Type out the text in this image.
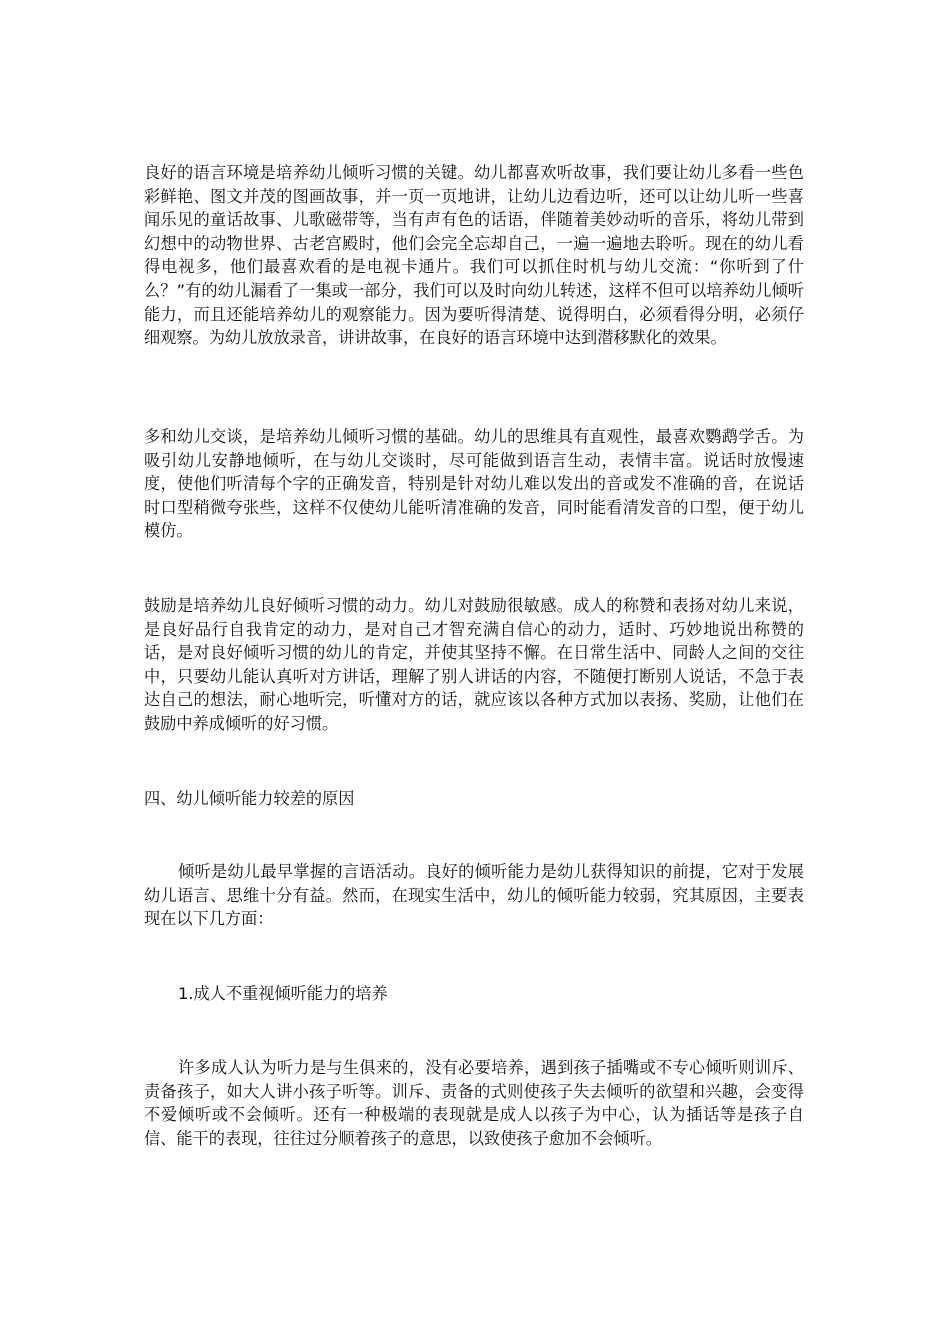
良好的语言环境是培养幼儿倾听习惯的关键。幼儿都喜欢听故事，我们要让幼儿多看一些色彩鲜艳、图文并茂的图画故事，并一页一页地讲，让幼儿边看边听，还可以让幼儿听一些喜闻乐见的童话故事、儿歌磁带等，当有声有色的话语，伴随着美妙动听的音乐，将幼儿带到幻想中的动物世界、古老宫殿时，他们会完全忘却自己，一遍一遍地去聆听。现在的幼儿看得电视多，他们最喜欢看的是电视卡通片。我们可以抓住时机与幼儿交流：“你听到了什么？”有的幼儿漏看了一集或一部分，我们可以及时向幼儿转述，这样不但可以培养幼儿倾听能力，而且还能培养幼儿的观察能力。因为要听得清楚、说得明白，必须看得分明，必须仔细观察。为幼儿放放录音，讲讲故事，在良好的语言环境中达到潜移默化的效果。

多和幼儿交谈，是培养幼儿倾听习惯的基础。幼儿的思维具有直观性，最喜欢鹦鹉学舌。为吸引幼儿安静地倾听，在与幼儿交谈时，尽可能做到语言生动，表情丰富。说话时放慢速度，使他们听清每个字的正确发音，特别是针对幼儿难以发出的音或发不准确的音，在说话时口型稍微夸张些，这样不仅使幼儿能听清准确的发音，同时能看清发音的口型，便于幼儿模仿。

鼓励是培养幼儿良好倾听习惯的动力。幼儿对鼓励很敏感。成人的称赞和表扬对幼儿来说，是良好品行自我肯定的动力，是对自己才智充满自信心的动力，适时、巧妙地说出称赞的话，是对良好倾听习惯的幼儿的肯定，并使其坚持不懈。在日常生活中、同龄人之间的交往中，只要幼儿能认真听对方讲话，理解了别人讲话的内容，不随便打断别人说话，不急于表达自己的想法，耐心地听完，听懂对方的话，就应该以各种方式加以表扬、奖励，让他们在鼓励中养成倾听的好习惯。

四、幼儿倾听能力较差的原因

倾听是幼儿最早掌握的言语活动。良好的倾听能力是幼儿获得知识的前提，它对于发展幼儿语言、思维十分有益。然而，在现实生活中，幼儿的倾听能力较弱，究其原因，主要表现在以下几方面：

1.成人不重视倾听能力的培养

许多成人认为听力是与生俱来的，没有必要培养，遇到孩子插嘴或不专心倾听则训斥、责备孩子，如大人讲小孩子听等。训斥、责备的式则使孩子失去倾听的欲望和兴趣，会变得不爱倾听或不会倾听。还有一种极端的表现就是成人以孩子为中心，认为插话等是孩子自信、能干的表现，往往过分顺着孩子的意思，以致使孩子愈加不会倾听。
